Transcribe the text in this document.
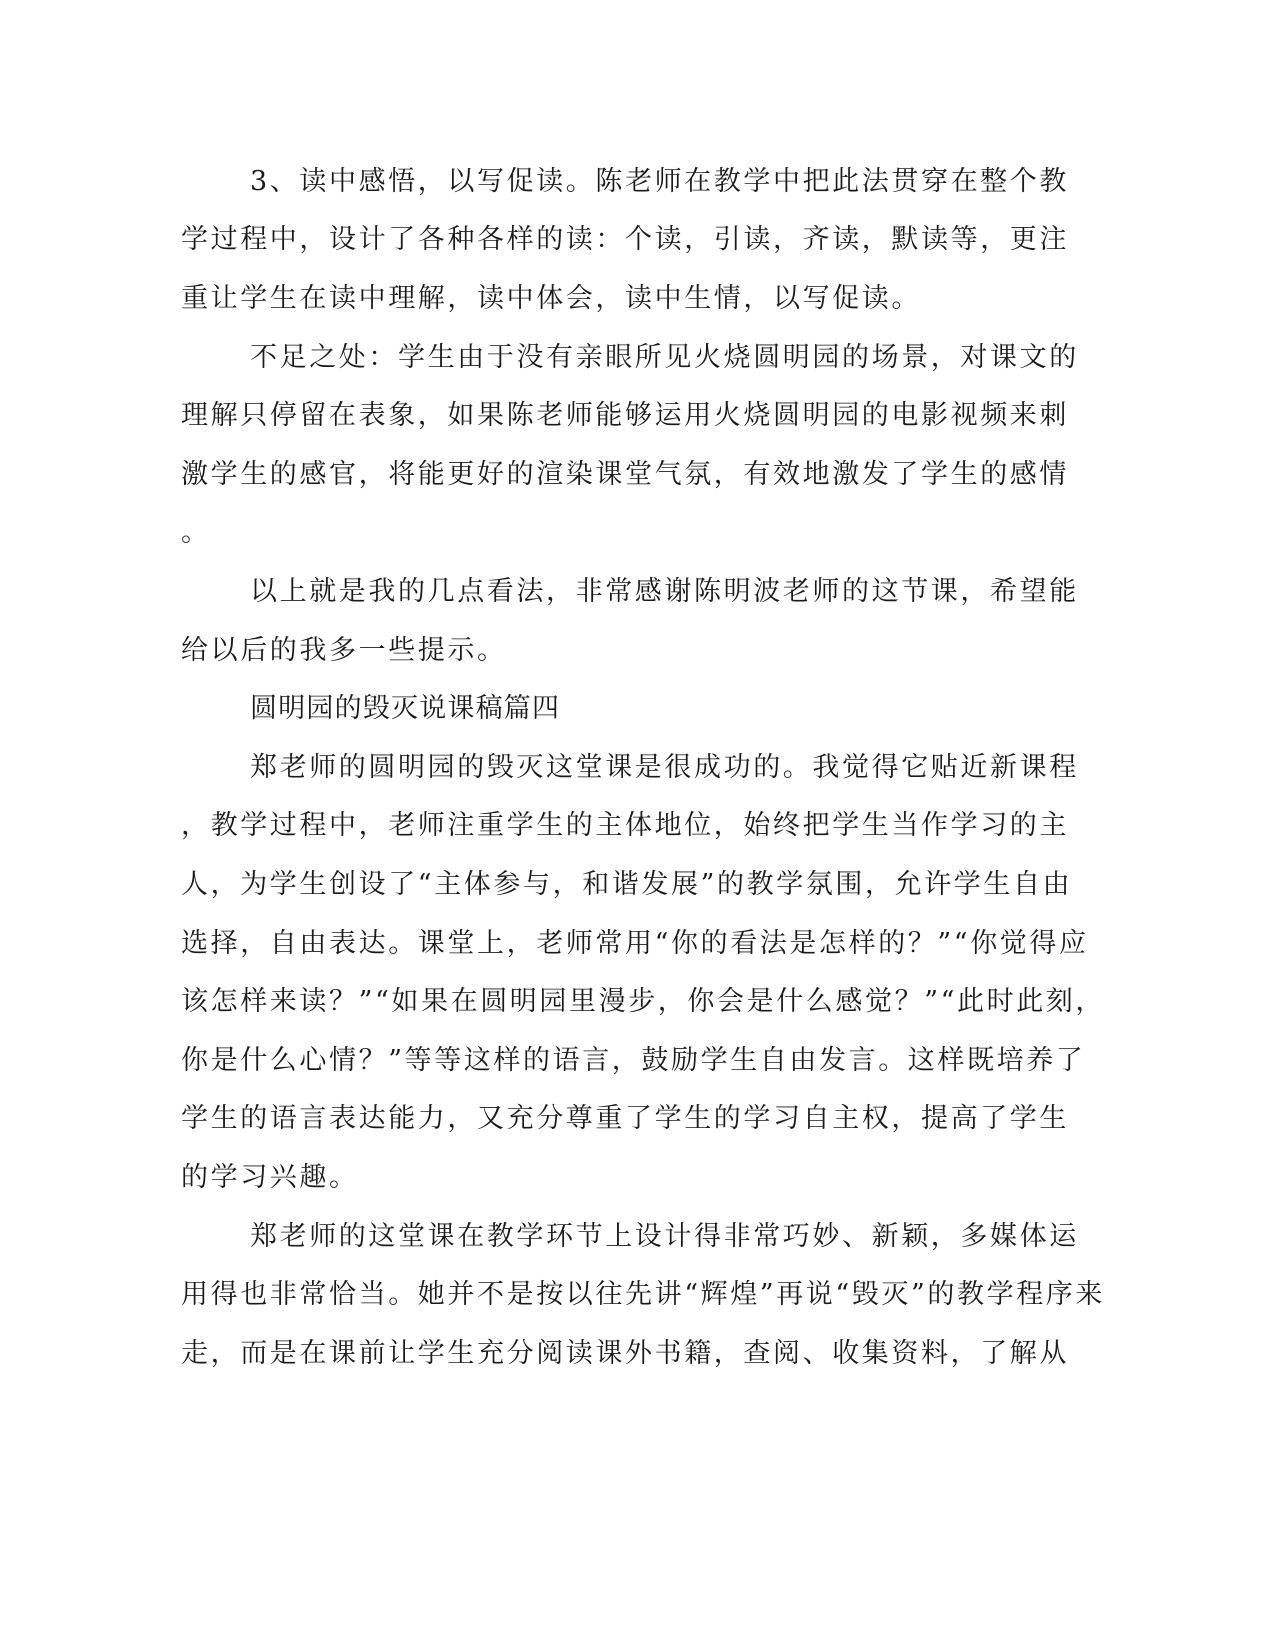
3、读中感悟，以写促读。陈老师在教学中把此法贯穿在整个教
学过程中，设计了各种各样的读：个读，引读，齐读，默读等，更注
重让学生在读中理解，读中体会，读中生情，以写促读。
不足之处：学生由于没有亲眼所见火烧圆明园的场景，对课文的
理解只停留在表象，如果陈老师能够运用火烧圆明园的电影视频来刺
激学生的感官，将能更好的渲染课堂气氛，有效地激发了学生的感情
。
以上就是我的几点看法，非常感谢陈明波老师的这节课，希望能
给以后的我多一些提示。
圆明园的毁灭说课稿篇四
郑老师的圆明园的毁灭这堂课是很成功的。我觉得它贴近新课程
，教学过程中，老师注重学生的主体地位，始终把学生当作学习的主
人，为学生创设了“主体参与，和谐发展”的教学氛围，允许学生自由
选择，自由表达。课堂上，老师常用“你的看法是怎样的？”“你觉得应
该怎样来读？”“如果在圆明园里漫步，你会是什么感觉？”“此时此刻，
你是什么心情？”等等这样的语言，鼓励学生自由发言。这样既培养了
学生的语言表达能力，又充分尊重了学生的学习自主权，提高了学生
的学习兴趣。
郑老师的这堂课在教学环节上设计得非常巧妙、新颖，多媒体运
用得也非常恰当。她并不是按以往先讲“辉煌”再说“毁灭”的教学程序来
走，而是在课前让学生充分阅读课外书籍，查阅、收集资料，了解从
